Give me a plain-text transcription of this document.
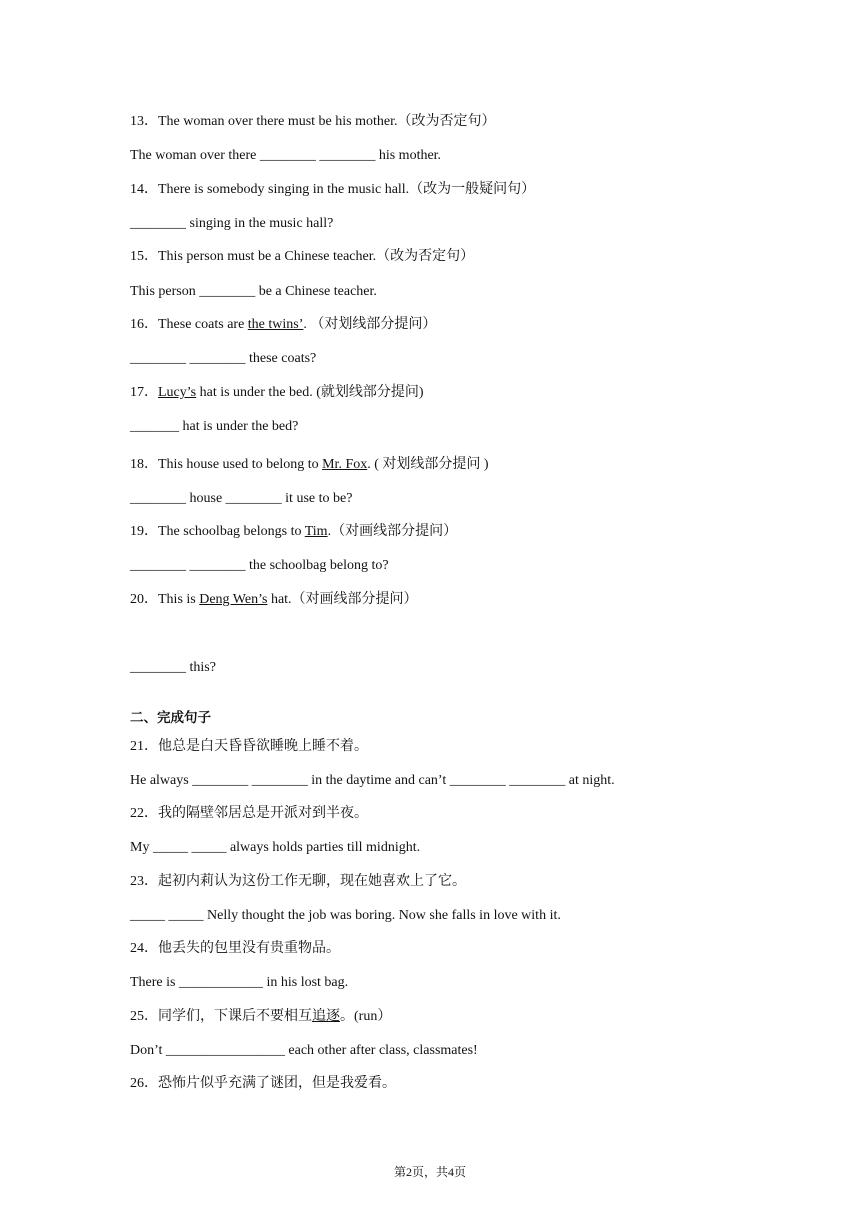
13．The woman over there must be his mother.（改为否定句）
The woman over there ________ ________ his mother.
14．There is somebody singing in the music hall.（改为一般疑问句）
________ singing in the music hall?
15．This person must be a Chinese teacher.（改为否定句）
This person ________ be a Chinese teacher.
16．These coats are the twins’. （对划线部分提问）
________ ________ these coats?
17．Lucy’s hat is under the bed. (就划线部分提问)
_______ hat is under the bed?
18．This house used to belong to Mr. Fox. ( 对划线部分提问 )
________ house ________ it use to be?
19．The schoolbag belongs to Tim.（对画线部分提问）
________ ________ the schoolbag belong to?
20．This is Deng Wen’s hat.（对画线部分提问）
________ this?
二、完成句子
21．他总是白天昏昏欲睡晚上睡不着。
He always ________ ________ in the daytime and can’t ________ ________ at night.
22．我的隔壁邻居总是开派对到半夜。
My _____ _____ always holds parties till midnight.
23．起初内莉认为这份工作无聊，现在她喜欢上了它。
_____ _____ Nelly thought the job was boring. Now she falls in love with it.
24．他丢失的包里没有贵重物品。
There is ____________ in his lost bag.
25．同学们，下课后不要相互追逐。(run）
Don’t _________________ each other after class, classmates!
26．恐怖片似乎充满了谜团，但是我爱看。
第2页，共4页
